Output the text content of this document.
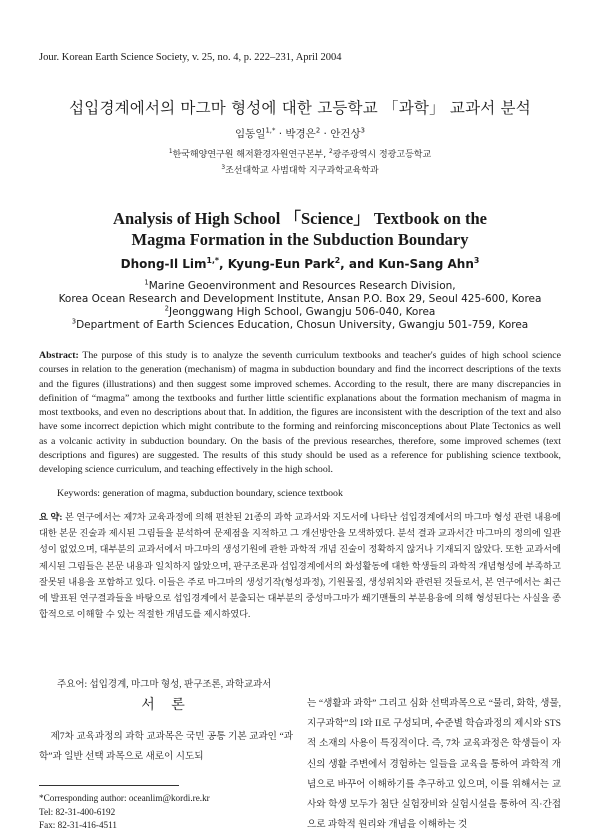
Jour. Korean Earth Science Society, v. 25, no. 4, p. 222–231, April 2004
섭입경계에서의 마그마 형성에 대한 고등학교 「과학」 교과서 분석
임동일$^{1,*}$ · 박경은$^2$ · 안건상$^3$
$^1$한국해양연구원 해저환경자원연구본부, $^2$광주광역시 정광고등학교
$^3$조선대학교 사범대학 지구과학교육학과
Analysis of High School 「Science」 Textbook on the
Magma Formation in the Subduction Boundary
Dhong-Il Lim$^{1,*}$, Kyung-Eun Park$^2$, and Kun-Sang Ahn$^3$
$^1$Marine Geoenvironment and Resources Research Division,
Korea Ocean Research and Development Institute, Ansan P.O. Box 29, Seoul 425-600, Korea
$^2$Jeonggwang High School, Gwangju 506-040, Korea
$^3$Department of Earth Sciences Education, Chosun University, Gwangju 501-759, Korea
Abstract: The purpose of this study is to analyze the seventh curriculum textbooks and teacher's guides of high school science courses in relation to the generation (mechanism) of magma in subduction boundary and find the incorrect descriptions of the texts and the figures (illustrations) and then suggest some improved schemes. According to the result, there are many discrepancies in definition of “magma” among the textbooks and further little scientific explanations about the formation mechanism of magma in most textbooks, and even no descriptions about that. In addition, the figures are inconsistent with the description of the text and also have some incorrect depiction which might contribute to the forming and reinforcing misconceptions about Plate Tectonics as well as a volcanic activity in subduction boundary. On the basis of the previous researches, therefore, some improved schemes (text descriptions and figures) are suggested. The results of this study should be used as a reference for publishing science textbook, developing science curriculum, and teaching effectively in the high school.
Keywords: generation of magma, subduction boundary, science textbook
요 약: 본 연구에서는 제7차 교육과정에 의해 편찬된 21종의 과학 교과서와 지도서에 나타난 섭입경계에서의 마그마 형성 관련 내용에 대한 본문 진술과 제시된 그림들을 분석하여 문제점을 지적하고 그 개선방안을 모색하였다. 분석 결과 교과서간 마그마의 정의에 일관성이 없었으며, 대부분의 교과서에서 마그마의 생성기원에 관한 과학적 개념 진술이 정확하지 않거나 기재되지 않았다. 또한 교과서에 제시된 그림들은 본문 내용과 일치하지 않았으며, 판구조론과 섭입경계에서의 화성활동에 대한 학생들의 과학적 개념형성에 부족하고 잘못된 내용을 포함하고 있다. 이들은 주로 마그마의 생성기작(형성과정), 기원물질, 생성위치와 관련된 것들로서, 본 연구에서는 최근에 발표된 연구결과들을 바탕으로 섭입경계에서 분출되는 대부분의 중성마그마가 쐐기맨틀의 부분용융에 의해 형성된다는 사실을 종합적으로 이해할 수 있는 적절한 개념도를 제시하였다.
주요어: 섭입경계, 마그마 형성, 판구조론, 과학교과서
서 론
제7차 교육과정의 과학 교과목은 국민 공통 기본 교과인 “과학”과 일반 선택 과목으로 새로이 시도되
는 “생활과 과학” 그리고 심화 선택과목으로 “물리, 화학, 생물, 지구과학”의 I와 II로 구성되며, 수준별 학습과정의 제시와 STS적 소재의 사용이 특징적이다. 즉, 7차 교육과정은 학생들이 자신의 생활 주변에서 경험하는 일들을 교육을 통하여 과학적 개념으로 바꾸어 이해하기를 추구하고 있으며, 이를 위해서는 교사와 학생 모두가 첨단 실험장비와 실험시설을 통하여 직·간접으로 과학적 원리와 개념을 이해하는 것
*Corresponding author: oceanlim@kordi.re.kr
Tel: 82-31-400-6192
Fax: 82-31-416-4511
